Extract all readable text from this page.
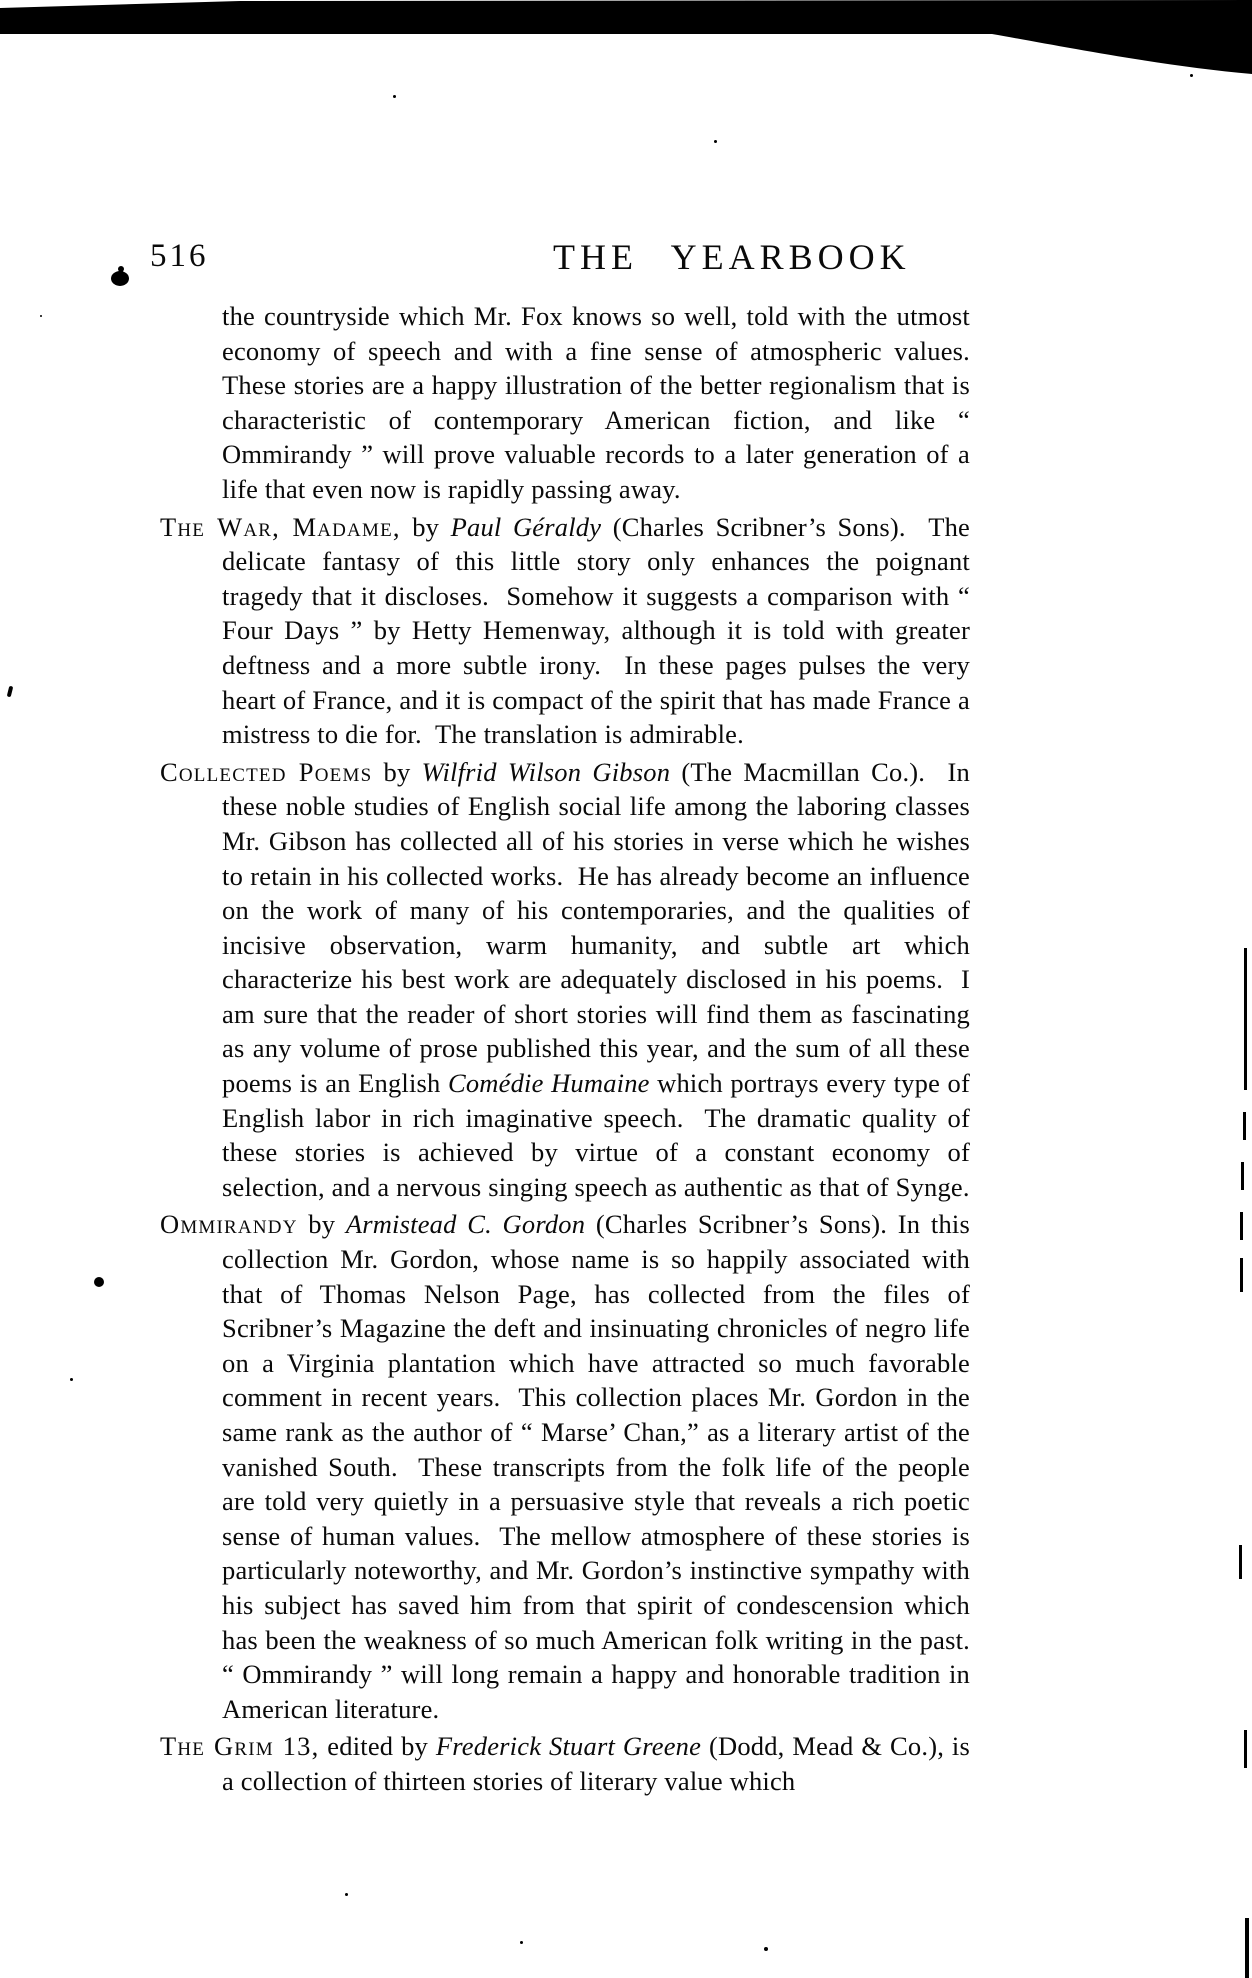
516	THE YEARBOOK

the countryside which Mr. Fox knows so well, told with the utmost economy of speech and with a fine sense of atmospheric values.  These stories are a happy illustration of the better regionalism that is characteristic of contemporary American fiction, and like “ Ommirandy ” will prove valuable records to a later generation of a life that even now is rapidly passing away.

The War, Madame, by Paul Géraldy (Charles Scribner’s Sons).  The delicate fantasy of this little story only enhances the poignant tragedy that it discloses.  Somehow it suggests a comparison with “ Four Days ” by Hetty Hemenway, although it is told with greater deftness and a more subtle irony.  In these pages pulses the very heart of France, and it is compact of the spirit that has made France a mistress to die for.  The translation is admirable.

Collected Poems by Wilfrid Wilson Gibson (The Macmillan Co.).  In these noble studies of English social life among the laboring classes Mr. Gibson has collected all of his stories in verse which he wishes to retain in his collected works.  He has already become an influence on the work of many of his contemporaries, and the qualities of incisive observation, warm humanity, and subtle art which characterize his best work are adequately disclosed in his poems.  I am sure that the reader of short stories will find them as fascinating as any volume of prose published this year, and the sum of all these poems is an English Comédie Humaine which portrays every type of English labor in rich imaginative speech.  The dramatic quality of these stories is achieved by virtue of a constant economy of selection, and a nervous singing speech as authentic as that of Synge.

Ommirandy by Armistead C. Gordon (Charles Scribner’s Sons). In this collection Mr. Gordon, whose name is so happily associated with that of Thomas Nelson Page, has collected from the files of Scribner’s Magazine the deft and insinuating chronicles of negro life on a Virginia plantation which have attracted so much favorable comment in recent years.  This collection places Mr. Gordon in the same rank as the author of “ Marse’ Chan,” as a literary artist of the vanished South.  These transcripts from the folk life of the people are told very quietly in a persuasive style that reveals a rich poetic sense of human values.  The mellow atmosphere of these stories is particularly noteworthy, and Mr. Gordon’s instinctive sympathy with his subject has saved him from that spirit of condescension which has been the weakness of so much American folk writing in the past.  “ Ommirandy ” will long remain a happy and honorable tradition in American literature.

The Grim 13, edited by Frederick Stuart Greene (Dodd, Mead & Co.), is a collection of thirteen stories of literary value which
